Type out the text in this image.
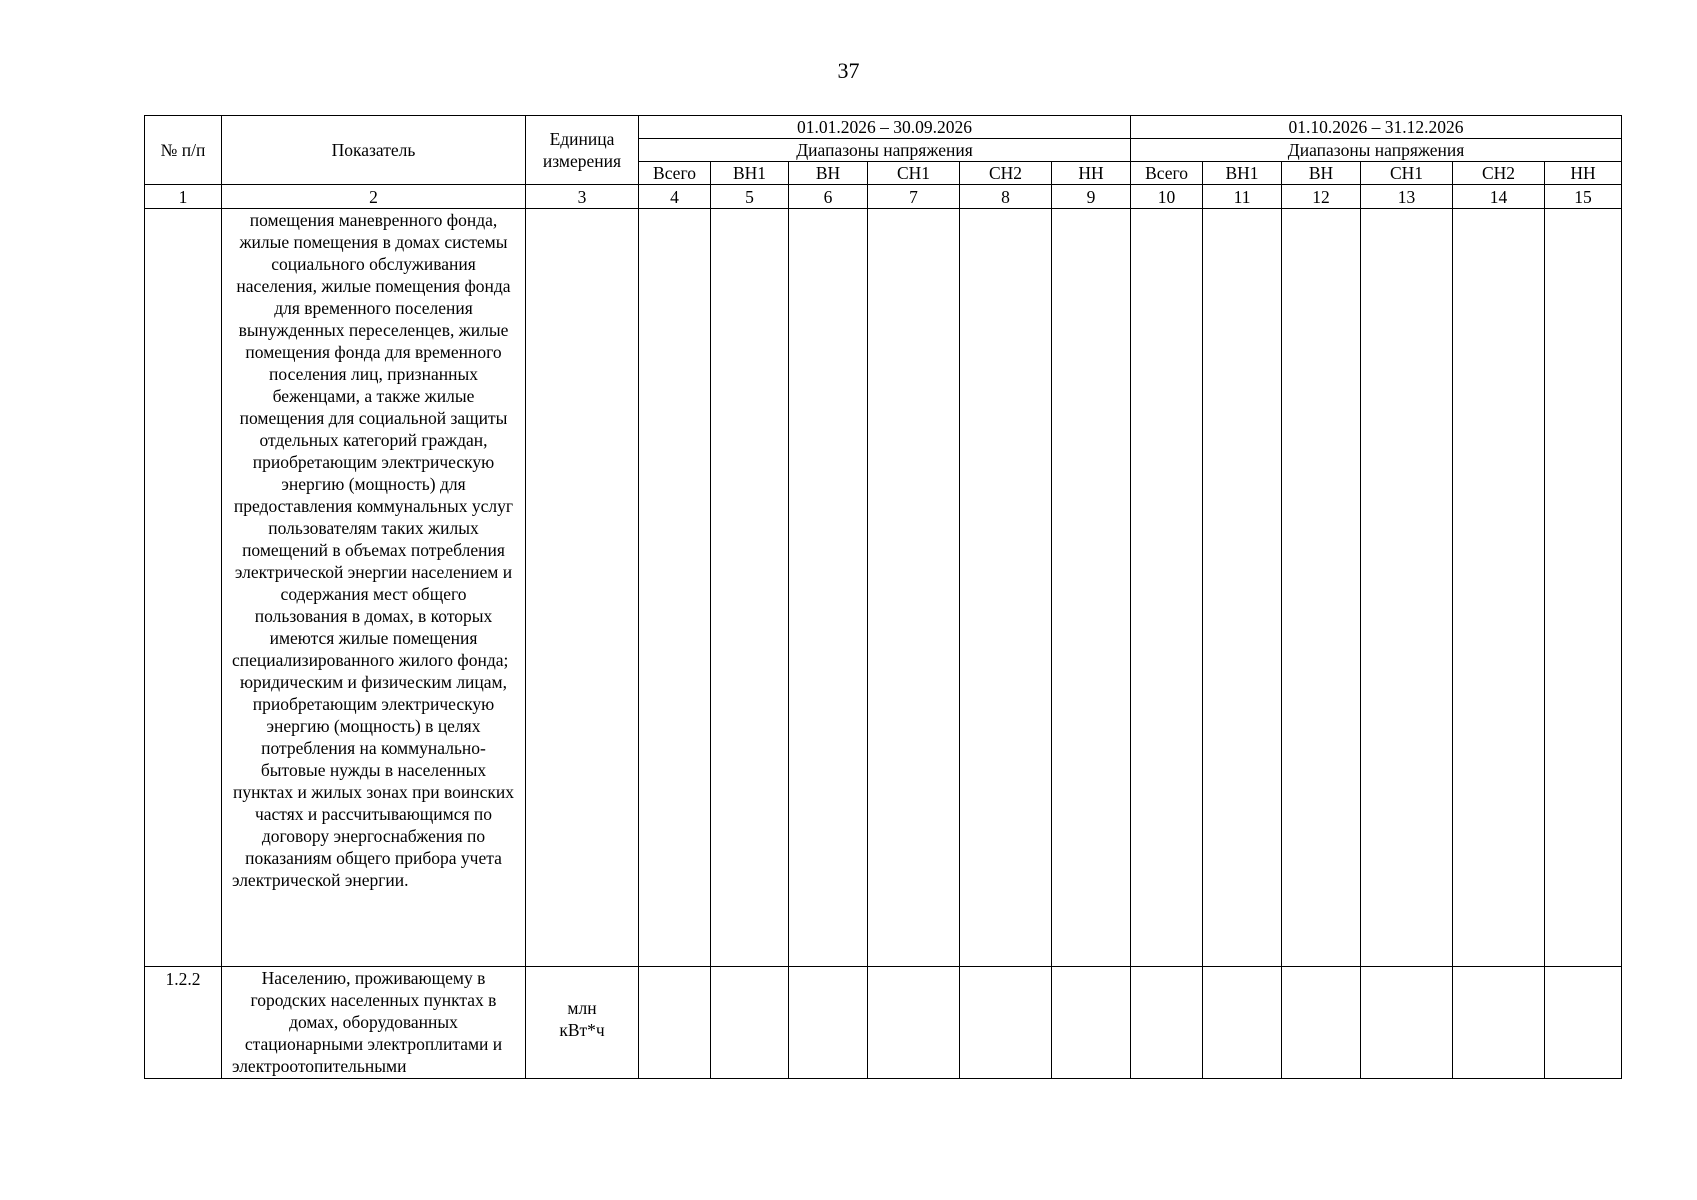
37
№ п/п	Показатель	Единица измерения	01.01.2026 – 30.09.2026						01.10.2026 – 31.12.2026					
			Диапазоны напряжения						Диапазоны напряжения					
			Всего	ВН1	ВН	СН1	СН2	НН	Всего	ВН1	ВН	СН1	СН2	НН
1	2	3	4	5	6	7	8	9	10	11	12	13	14	15

	помещения маневренного фонда, жилые помещения в домах системы социального обслуживания населения, жилые помещения фонда для временного поселения вынужденных переселенцев, жилые помещения фонда для временного поселения лиц, признанных беженцами, а также жилые помещения для социальной защиты отдельных категорий граждан, приобретающим электрическую энергию (мощность) для предоставления коммунальных услуг пользователям таких жилых помещений в объемах потребления электрической энергии населением и содержания мест общего пользования в домах, в которых имеются жилые помещения специализированного жилого фонда;

юридическим и физическим лицам, приобретающим электрическую энергию (мощность) в целях потребления на коммунально-бытовые нужды в населенных пунктах и жилых зонах при воинских частях и рассчитывающимся по договору энергоснабжения по показаниям общего прибора учета электрической энергии.													

1.2.2	Населению, проживающему в городских населенных пунктах в домах, оборудованных стационарными электроплитами и электроотопительными	млн
кВт*ч												
